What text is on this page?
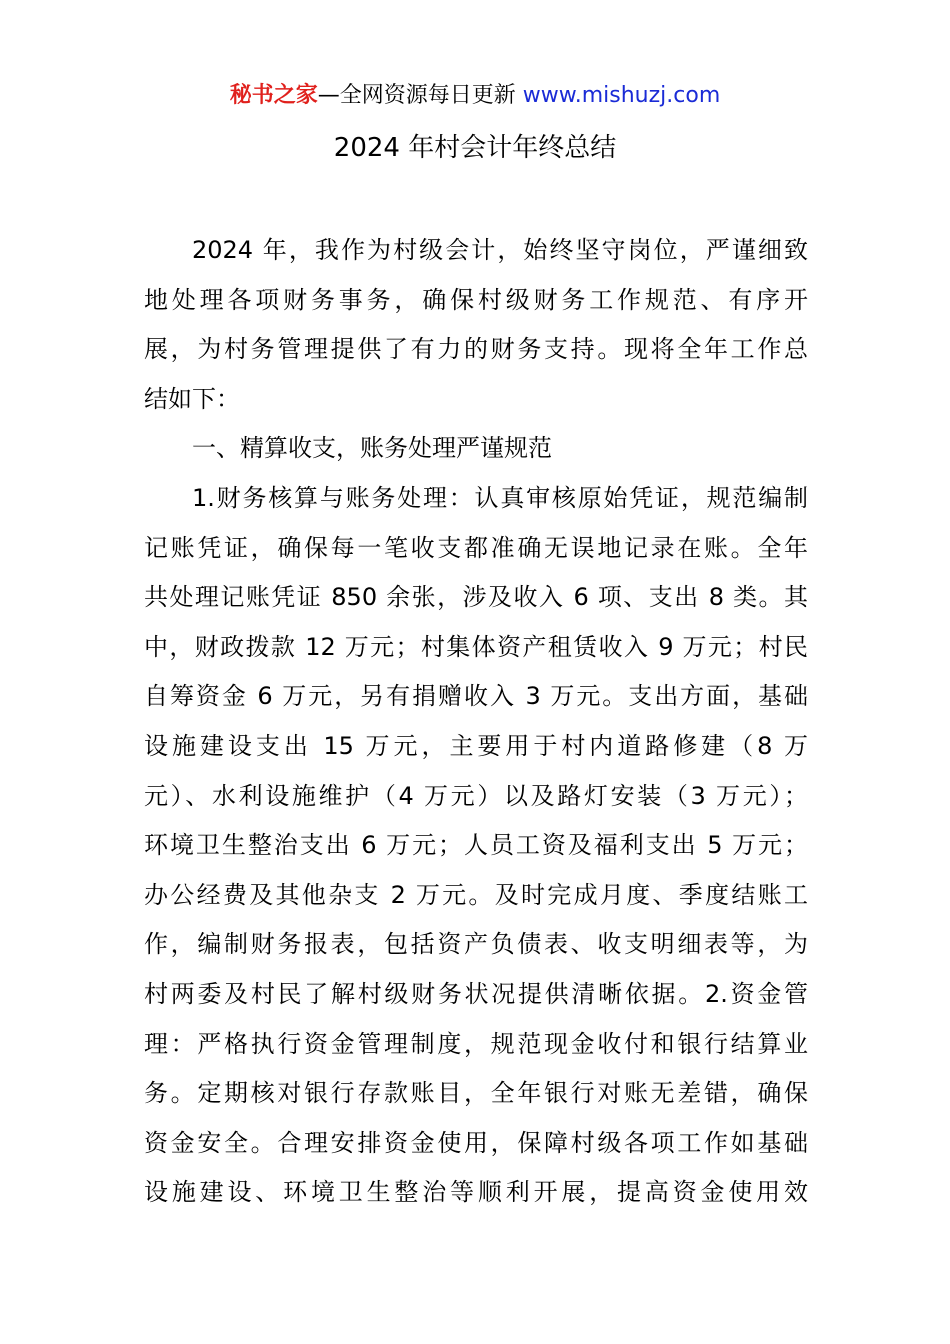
秘书之家—全网资源每日更新 www.mishuzj.com
2024 年村会计年终总结
2024 年，我作为村级会计，始终坚守岗位，严谨细致
地处理各项财务事务，确保村级财务工作规范、有序开
展，为村务管理提供了有力的财务支持。现将全年工作总
结如下：
一、精算收支，账务处理严谨规范
1.财务核算与账务处理：认真审核原始凭证，规范编制
记账凭证，确保每一笔收支都准确无误地记录在账。全年
共处理记账凭证 850 余张，涉及收入 6 项、支出 8 类。其
中，财政拨款 12 万元；村集体资产租赁收入 9 万元；村民
自筹资金 6 万元，另有捐赠收入 3 万元。支出方面，基础
设施建设支出 15 万元，主要用于村内道路修建（8 万
元）、水利设施维护（4 万元）以及路灯安装（3 万元）；
环境卫生整治支出 6 万元；人员工资及福利支出 5 万元；
办公经费及其他杂支 2 万元。及时完成月度、季度结账工
作，编制财务报表，包括资产负债表、收支明细表等，为
村两委及村民了解村级财务状况提供清晰依据。2.资金管
理：严格执行资金管理制度，规范现金收付和银行结算业
务。定期核对银行存款账目，全年银行对账无差错，确保
资金安全。合理安排资金使用，保障村级各项工作如基础
设施建设、环境卫生整治等顺利开展，提高资金使用效
